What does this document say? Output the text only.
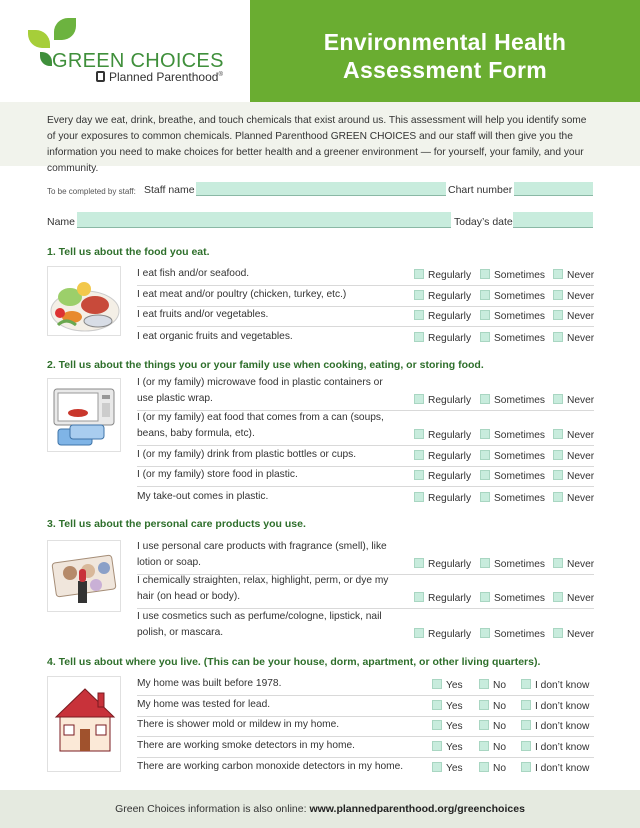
GREEN CHOICES
Planned Parenthood®
Environmental Health
Assessment Form
Every day we eat, drink, breathe, and touch chemicals that exist around us. This assessment will help you identify some of your exposures to common chemicals. Planned Parenthood GREEN CHOICES and our staff will then give you the information you need to make choices for better health and a greener environment — for yourself, your family, and your community.
To be completed by staff: Staff name	Chart number
Name	Today’s date
1. Tell us about the food you eat.
I eat fish and/or seafood.	Regularly	Sometimes	Never
I eat meat and/or poultry (chicken, turkey, etc.)	Regularly	Sometimes	Never
I eat fruits and/or vegetables.	Regularly	Sometimes	Never
I eat organic fruits and vegetables.	Regularly	Sometimes	Never
2. Tell us about the things you or your family use when cooking, eating, or storing food.
I (or my family) microwave food in plastic containers or use plastic wrap.	Regularly	Sometimes	Never
I (or my family) eat food that comes from a can (soups, beans, baby formula, etc).	Regularly	Sometimes	Never
I (or my family) drink from plastic bottles or cups.	Regularly	Sometimes	Never
I (or my family) store food in plastic.	Regularly	Sometimes	Never
My take-out comes in plastic.	Regularly	Sometimes	Never
3. Tell us about the personal care products you use.
I use personal care products with fragrance (smell), like lotion or soap.	Regularly	Sometimes	Never
I chemically straighten, relax, highlight, perm, or dye my hair (on head or body).	Regularly	Sometimes	Never
I use cosmetics such as perfume/cologne, lipstick, nail polish, or mascara.	Regularly	Sometimes	Never
4. Tell us about where you live. (This can be your house, dorm, apartment, or other living quarters).
My home was built before 1978.	Yes	No	I don’t know
My home was tested for lead.	Yes	No	I don’t know
There is shower mold or mildew in my home.	Yes	No	I don’t know
There are working smoke detectors in my home.	Yes	No	I don’t know
There are working carbon monoxide detectors in my home.	Yes	No	I don’t know
Green Choices information is also online: www.plannedparenthood.org/greenchoices
